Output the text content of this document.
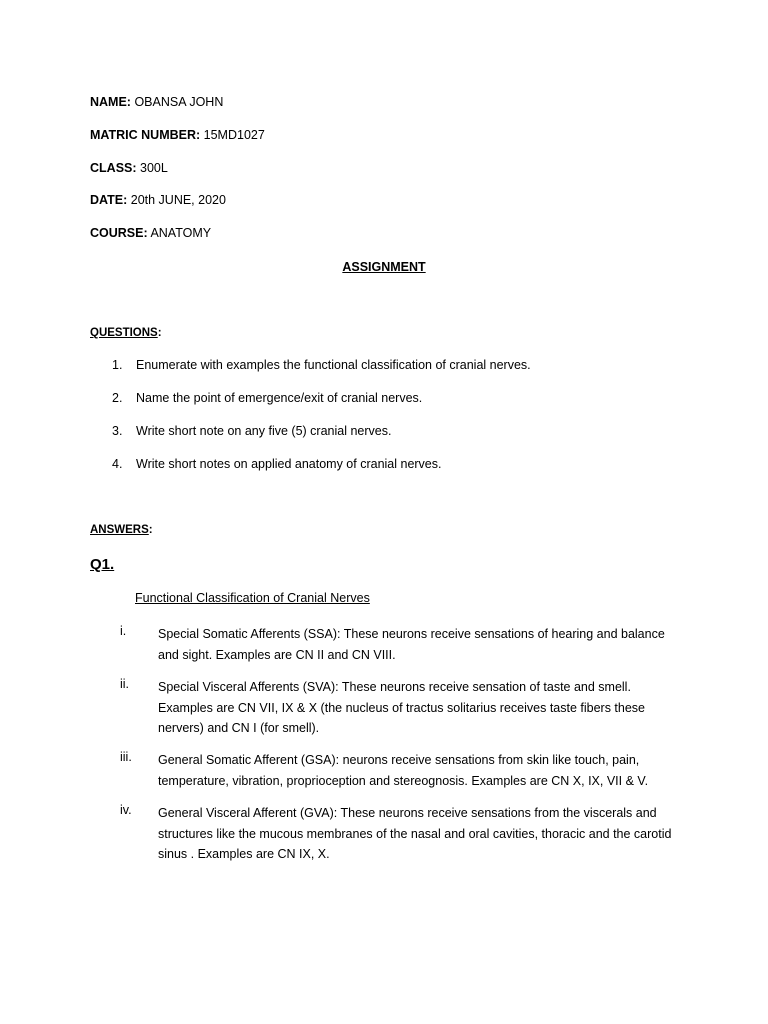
NAME: OBANSA JOHN
MATRIC NUMBER: 15MD1027
CLASS: 300L
DATE: 20th JUNE, 2020
COURSE: ANATOMY
ASSIGNMENT
QUESTIONS:
1. Enumerate with examples the functional classification of cranial nerves.
2. Name the point of emergence/exit of cranial nerves.
3. Write short note on any five (5) cranial nerves.
4. Write short notes on applied anatomy of cranial nerves.
ANSWERS:
Q1.
Functional Classification of Cranial Nerves
i.	Special Somatic Afferents (SSA): These neurons receive sensations of hearing and balance and sight. Examples are CN II and CN VIII.
ii.	Special Visceral Afferents (SVA): These neurons receive sensation of taste and smell. Examples are CN VII, IX & X (the nucleus of tractus solitarius receives taste fibers these nervers) and CN I (for smell).
iii.	General Somatic Afferent (GSA): neurons receive sensations from skin like touch, pain, temperature, vibration, proprioception and stereognosis. Examples are CN X, IX, VII & V.
iv.	General Visceral Afferent (GVA): These neurons receive sensations from the viscerals and structures like the mucous membranes of the nasal and oral cavities, thoracic and the carotid sinus . Examples are CN IX, X.
